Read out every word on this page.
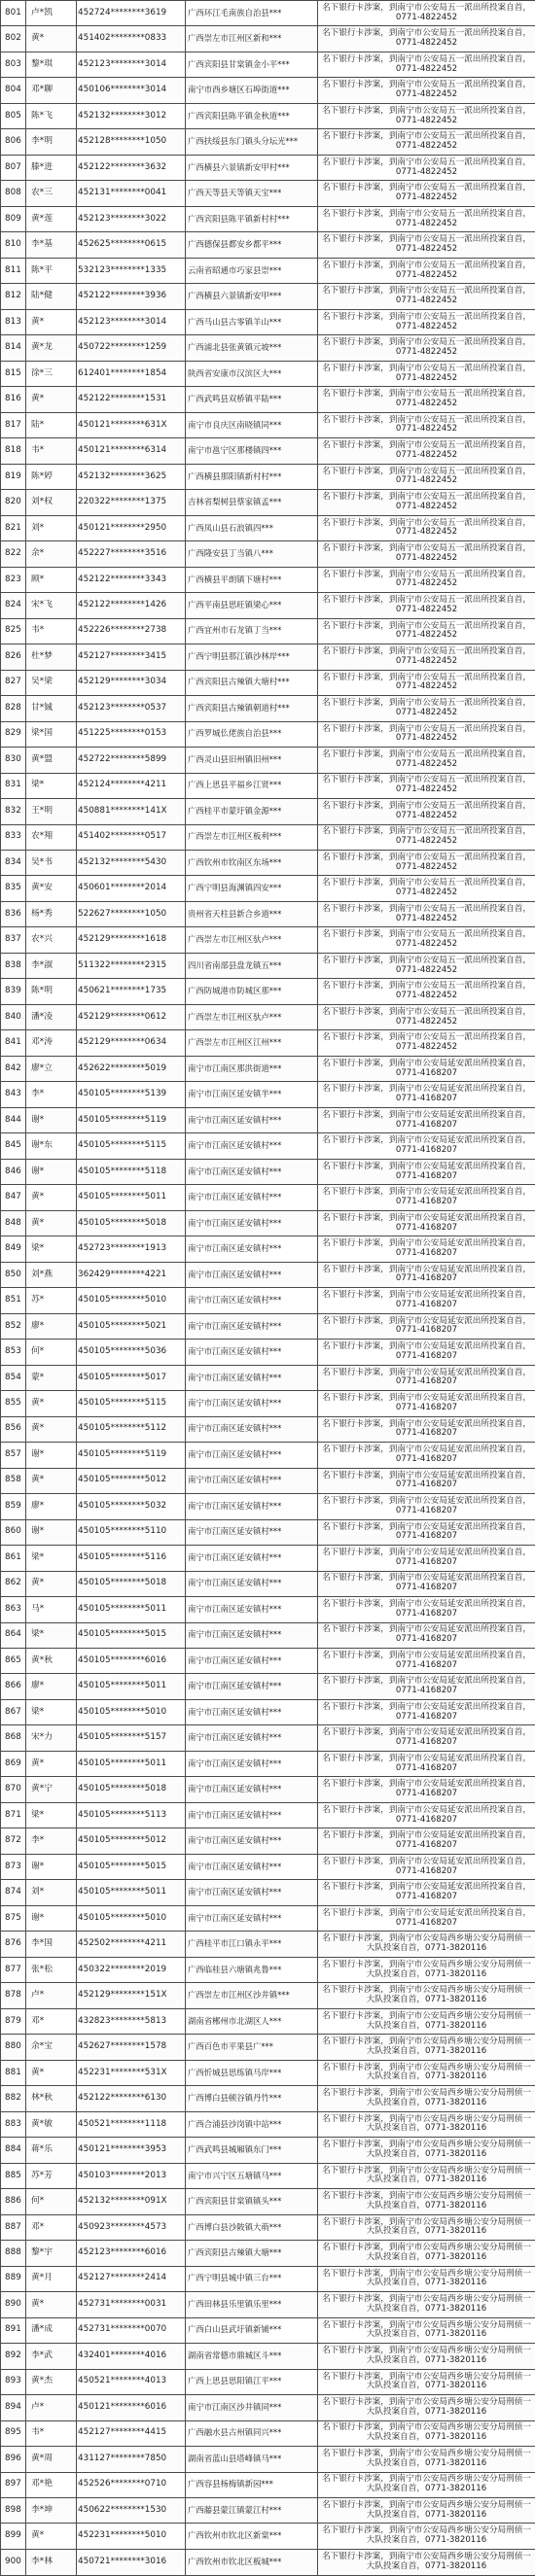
801	卢*凯	452724********3619	广西环江毛南族自治县***	名下银行卡涉案，到南宁市公安局五一派出所投案自首，0771-4822452
802	黄*	451402********0833	广西崇左市江州区新和***	名下银行卡涉案，到南宁市公安局五一派出所投案自首，0771-4822452
803	黎*琪	452123********3014	广西宾阳县甘棠镇金小平***	名下银行卡涉案，到南宁市公安局五一派出所投案自首，0771-4822452
804	邓*聊	450106********3014	南宁市西乡塘区石埠街道***	名下银行卡涉案，到南宁市公安局五一派出所投案自首，0771-4822452
805	陈*飞	452132********3012	广西宾阳县陈平镇金秋道***	名下银行卡涉案，到南宁市公安局五一派出所投案自首，0771-4822452
806	李*明	452128********1050	广西扶绥县东门镇头分坛光***	名下银行卡涉案，到南宁市公安局五一派出所投案自首，0771-4822452
807	滕*进	452122********3632	广西横县六景镇新安甲村***	名下银行卡涉案，到南宁市公安局五一派出所投案自首，0771-4822452
808	农*三	452131********0041	广西天等县天等镇天宝***	名下银行卡涉案，到南宁市公安局五一派出所投案自首，0771-4822452
809	黄*莲	452123********3022	广西宾阳县陈平镇新村村***	名下银行卡涉案，到南宁市公安局五一派出所投案自首，0771-4822452
810	李*基	452625********0615	广西德保县都安乡都平***	名下银行卡涉案，到南宁市公安局五一派出所投案自首，0771-4822452
811	陈*平	532123********1335	云南省昭通市巧家县崇***	名下银行卡涉案，到南宁市公安局五一派出所投案自首，0771-4822452
812	陆*健	452122********3936	广西横县六景镇新安甲***	名下银行卡涉案，到南宁市公安局五一派出所投案自首，0771-4822452
813	黄*	452123********3014	广西马山县古零镇羊山***	名下银行卡涉案，到南宁市公安局五一派出所投案自首，0771-4822452
814	黄*龙	450722********1259	广西浦北县张黄镇元坡***	名下银行卡涉案，到南宁市公安局五一派出所投案自首，0771-4822452
815	徐*三	612401********1854	陕西省安康市汉滨区大***	名下银行卡涉案，到南宁市公安局五一派出所投案自首，0771-4822452
816	黄*	452122********1531	广西武鸣县双桥镇平陆***	名下银行卡涉案，到南宁市公安局五一派出所投案自首，0771-4822452
817	陆*	450121********631X	南宁市良庆区南晓镇同***	名下银行卡涉案，到南宁市公安局五一派出所投案自首，0771-4822452
818	韦*	450121********6314	南宁市邕宁区那楼镇四***	名下银行卡涉案，到南宁市公安局五一派出所投案自首，0771-4822452
819	陈*婷	452132********3625	广西横县那阳镇新村村***	名下银行卡涉案，到南宁市公安局五一派出所投案自首，0771-4822452
820	刘*权	220322********1375	吉林省梨树县蔡家镇孟***	名下银行卡涉案，到南宁市公安局五一派出所投案自首，0771-4822452
821	刘*	450121********2950	广西凤山县石浪镇四***	名下银行卡涉案，到南宁市公安局五一派出所投案自首，0771-4822452
822	余*	452227********3516	广西隆安县丁当镇八***	名下银行卡涉案，到南宁市公安局五一派出所投案自首，0771-4822452
823	顾*	452122********3343	广西横县平朗镇下塘村***	名下银行卡涉案，到南宁市公安局五一派出所投案自首，0771-4822452
824	宋*飞	452122********1426	广西平南县思旺镇梁心***	名下银行卡涉案，到南宁市公安局五一派出所投案自首，0771-4822452
825	韦*	452226********2738	广西宜州市石龙镇丁当***	名下银行卡涉案，到南宁市公安局五一派出所投案自首，0771-4822452
826	杜*梦	452127********3415	广西宁明县那江镇沙林岸***	名下银行卡涉案，到南宁市公安局五一派出所投案自首，0771-4822452
827	吴*梁	452129********3034	广西宾阳县古辣镇大塘村***	名下银行卡涉案，到南宁市公安局五一派出所投案自首，0771-4822452
828	甘*铖	452123********0537	广西宾阳县古辣镇朝道村***	名下银行卡涉案，到南宁市公安局五一派出所投案自首，0771-4822452
829	梁*国	451225********0153	广西罗城仫佬族自治县***	名下银行卡涉案，到南宁市公安局五一派出所投案自首，0771-4822452
830	黄*盟	452722********5899	广西灵山县旧州镇旧州***	名下银行卡涉案，到南宁市公安局五一派出所投案自首，0771-4822452
831	梁*	452124********4211	广西上思县平福乡江贤***	名下银行卡涉案，到南宁市公安局五一派出所投案自首，0771-4822452
832	王*明	450881********141X	广西桂平市蒙圩镇金源***	名下银行卡涉案，到南宁市公安局五一派出所投案自首，0771-4822452
833	农*翔	451402********0517	广西崇左市江州区板利***	名下银行卡涉案，到南宁市公安局五一派出所投案自首，0771-4822452
834	吴*书	452132********5430	广西钦州市钦南区东场***	名下银行卡涉案，到南宁市公安局五一派出所投案自首，0771-4822452
835	黄*安	450601********2014	广西宁明县海渊镇四安***	名下银行卡涉案，到南宁市公安局五一派出所投案自首，0771-4822452
836	杨*秀	522627********1050	贵州省天柱县新合乡道***	名下银行卡涉案，到南宁市公安局五一派出所投案自首，0771-4822452
837	农*兴	452129********1618	广西崇左市江州区驮卢***	名下银行卡涉案，到南宁市公安局五一派出所投案自首，0771-4822452
838	李*淑	511322********2315	四川省南部县盘龙镇五***	名下银行卡涉案，到南宁市公安局五一派出所投案自首，0771-4822452
839	陈*明	450621********1735	广西防城港市防城区那***	名下银行卡涉案，到南宁市公安局五一派出所投案自首，0771-4822452
840	潘*凌	452129********0612	广西崇左市江州区驮卢***	名下银行卡涉案，到南宁市公安局五一派出所投案自首，0771-4822452
841	邓*涛	452129********0634	广西崇左市江州区江州***	名下银行卡涉案，到南宁市公安局五一派出所投案自首，0771-4822452
842	廖*立	452622********5019	南宁市江南区那洪街道***	名下银行卡涉案，到南宁市公安局延安派出所投案自首，0771-4168207
843	李*	450105********5139	南宁市江南区延安镇半***	名下银行卡涉案，到南宁市公安局延安派出所投案自首，0771-4168207
844	谢*	450105********5119	南宁市江南区延安镇村***	名下银行卡涉案，到南宁市公安局延安派出所投案自首，0771-4168207
845	谢*东	450105********5115	南宁市江南区延安镇村***	名下银行卡涉案，到南宁市公安局延安派出所投案自首，0771-4168207
846	谢*	450105********5118	南宁市江南区延安镇村***	名下银行卡涉案，到南宁市公安局延安派出所投案自首，0771-4168207
847	黄*	450105********5011	南宁市江南区延安镇村***	名下银行卡涉案，到南宁市公安局延安派出所投案自首，0771-4168207
848	黄*	450105********5018	南宁市江南区延安镇村***	名下银行卡涉案，到南宁市公安局延安派出所投案自首，0771-4168207
849	梁*	452723********1913	南宁市江南区延安镇村***	名下银行卡涉案，到南宁市公安局延安派出所投案自首，0771-4168207
850	刘*燕	362429********4221	南宁市江南区延安镇村***	名下银行卡涉案，到南宁市公安局延安派出所投案自首，0771-4168207
851	苏*	450105********5010	南宁市江南区延安镇村***	名下银行卡涉案，到南宁市公安局延安派出所投案自首，0771-4168207
852	廖*	450105********5021	南宁市江南区延安镇村***	名下银行卡涉案，到南宁市公安局延安派出所投案自首，0771-4168207
853	何*	450105********5036	南宁市江南区延安镇村***	名下银行卡涉案，到南宁市公安局延安派出所投案自首，0771-4168207
854	蒙*	450105********5017	南宁市江南区延安镇村***	名下银行卡涉案，到南宁市公安局延安派出所投案自首，0771-4168207
855	黄*	450105********5115	南宁市江南区延安镇村***	名下银行卡涉案，到南宁市公安局延安派出所投案自首，0771-4168207
856	黄*	450105********5112	南宁市江南区延安镇村***	名下银行卡涉案，到南宁市公安局延安派出所投案自首，0771-4168207
857	谢*	450105********5119	南宁市江南区延安镇村***	名下银行卡涉案，到南宁市公安局延安派出所投案自首，0771-4168207
858	黄*	450105********5012	南宁市江南区延安镇村***	名下银行卡涉案，到南宁市公安局延安派出所投案自首，0771-4168207
859	廖*	450105********5032	南宁市江南区延安镇村***	名下银行卡涉案，到南宁市公安局延安派出所投案自首，0771-4168207
860	谢*	450105********5110	南宁市江南区延安镇村***	名下银行卡涉案，到南宁市公安局延安派出所投案自首，0771-4168207
861	梁*	450105********5116	南宁市江南区延安镇村***	名下银行卡涉案，到南宁市公安局延安派出所投案自首，0771-4168207
862	黄*	450105********5018	南宁市江南区延安镇村***	名下银行卡涉案，到南宁市公安局延安派出所投案自首，0771-4168207
863	马*	450105********5011	南宁市江南区延安镇村***	名下银行卡涉案，到南宁市公安局延安派出所投案自首，0771-4168207
864	梁*	450105********5015	南宁市江南区延安镇村***	名下银行卡涉案，到南宁市公安局延安派出所投案自首，0771-4168207
865	黄*秋	450105********6016	南宁市江南区延安镇村***	名下银行卡涉案，到南宁市公安局延安派出所投案自首，0771-4168207
866	廖*	450105********5011	南宁市江南区延安镇村***	名下银行卡涉案，到南宁市公安局延安派出所投案自首，0771-4168207
867	梁*	450105********5010	南宁市江南区延安镇村***	名下银行卡涉案，到南宁市公安局延安派出所投案自首，0771-4168207
868	宋*力	450105********5157	南宁市江南区延安镇村***	名下银行卡涉案，到南宁市公安局延安派出所投案自首，0771-4168207
869	黄*	450105********5011	南宁市江南区延安镇村***	名下银行卡涉案，到南宁市公安局延安派出所投案自首，0771-4168207
870	黄*宁	450105********5018	南宁市江南区延安镇村***	名下银行卡涉案，到南宁市公安局延安派出所投案自首，0771-4168207
871	梁*	450105********5113	南宁市江南区延安镇村***	名下银行卡涉案，到南宁市公安局延安派出所投案自首，0771-4168207
872	李*	450105********5012	南宁市江南区延安镇村***	名下银行卡涉案，到南宁市公安局延安派出所投案自首，0771-4168207
873	谢*	450105********5015	南宁市江南区延安镇村***	名下银行卡涉案，到南宁市公安局延安派出所投案自首，0771-4168207
874	刘*	450105********5011	南宁市江南区延安镇村***	名下银行卡涉案，到南宁市公安局延安派出所投案自首，0771-4168207
875	谢*	450105********5010	南宁市江南区延安镇村***	名下银行卡涉案，到南宁市公安局延安派出所投案自首，0771-4168207
876	李*国	452502********4211	广西桂平市江口镇永平***	名下银行卡涉案，到南宁市公安局西乡塘公安分局刑侦一大队投案自首，0771-3820116
877	张*松	450322********2019	广西临桂县六塘镇兆鲁***	名下银行卡涉案，到南宁市公安局西乡塘公安分局刑侦一大队投案自首，0771-3820116
878	卢*	452129********151X	广西崇左市江州区沙井镇***	名下银行卡涉案，到南宁市公安局西乡塘公安分局刑侦一大队投案自首，0771-3820116
879	邓*	432823********5813	湖南省郴州市北湖区人***	名下银行卡涉案，到南宁市公安局西乡塘公安分局刑侦一大队投案自首，0771-3820116
880	余*宝	452627********1578	广西百色市平果县广***	名下银行卡涉案，到南宁市公安局西乡塘公安分局刑侦一大队投案自首，0771-3820116
881	黄*	452231********531X	广西忻城县思练镇马岸***	名下银行卡涉案，到南宁市公安局西乡塘公安分局刑侦一大队投案自首，0771-3820116
882	林*秋	452122********6130	广西博白县顿谷镇丹竹***	名下银行卡涉案，到南宁市公安局西乡塘公安分局刑侦一大队投案自首，0771-3820116
883	黄*敏	450521********1118	广西合浦县沙岗镇中站***	名下银行卡涉案，到南宁市公安局西乡塘公安分局刑侦一大队投案自首，0771-3820116
884	蒋*乐	450121********3953	广西武鸣县城厢镇东门***	名下银行卡涉案，到南宁市公安局西乡塘公安分局刑侦一大队投案自首，0771-3820116
885	苏*芳	450103********2013	南宁市兴宁区五塘镇马***	名下银行卡涉案，到南宁市公安局西乡塘公安分局刑侦一大队投案自首，0771-3820116
886	何*	452132********091X	广西宾阳县甘棠镇镇头***	名下银行卡涉案，到南宁市公安局西乡塘公安分局刑侦一大队投案自首，0771-3820116
887	邓*	450923********4573	广西博白县沙陂镇大萌***	名下银行卡涉案，到南宁市公安局西乡塘公安分局刑侦一大队投案自首，0771-3820116
888	黎*宇	452123********6016	广西宾阳县古辣镇大塘***	名下银行卡涉案，到南宁市公安局西乡塘公安分局刑侦一大队投案自首，0771-3820116
889	黄*月	452127********2414	广西宁明县城中镇三台***	名下银行卡涉案，到南宁市公安局西乡塘公安分局刑侦一大队投案自首，0771-3820116
890	黄*	452731********0031	广西田林县乐里镇乐里***	名下银行卡涉案，到南宁市公安局西乡塘公安分局刑侦一大队投案自首，0771-3820116
891	潘*成	452731********0070	广西白山县武圩镇新铺***	名下银行卡涉案，到南宁市公安局西乡塘公安分局刑侦一大队投案自首，0771-3820116
892	李*武	432401********4016	湖南省常德市鼎城区斗***	名下银行卡涉案，到南宁市公安局西乡塘公安分局刑侦一大队投案自首，0771-3820116
893	黄*杰	450521********4013	广西上思县思阳镇江平***	名下银行卡涉案，到南宁市公安局西乡塘公安分局刑侦一大队投案自首，0771-3820116
894	卢*	450121********6016	南宁市江南区沙井镇同***	名下银行卡涉案，到南宁市公安局西乡塘公安分局刑侦一大队投案自首，0771-3820116
895	韦*	452127********4415	广西融水县古州镇同兴***	名下银行卡涉案，到南宁市公安局西乡塘公安分局刑侦一大队投案自首，0771-3820116
896	黄*周	431127********7850	湖南省蓝山县塔峰镇马***	名下银行卡涉案，到南宁市公安局西乡塘公安分局刑侦一大队投案自首，0771-3820116
897	邓*艳	452526********0710	广西容县杨梅镇新园***	名下银行卡涉案，到南宁市公安局西乡塘公安分局刑侦一大队投案自首，0771-3820116
898	李*坤	450622********1530	广西藤县蒙江镇蒙江村***	名下银行卡涉案，到南宁市公安局西乡塘公安分局刑侦一大队投案自首，0771-3820116
899	黄*	452231********5010	广西钦州市钦北区新棠***	名下银行卡涉案，到南宁市公安局西乡塘公安分局刑侦一大队投案自首，0771-3820116
900	李*林	450721********3016	广西钦州市钦北区板城***	名下银行卡涉案，到南宁市公安局西乡塘公安分局刑侦一大队投案自首，0771-3820116
